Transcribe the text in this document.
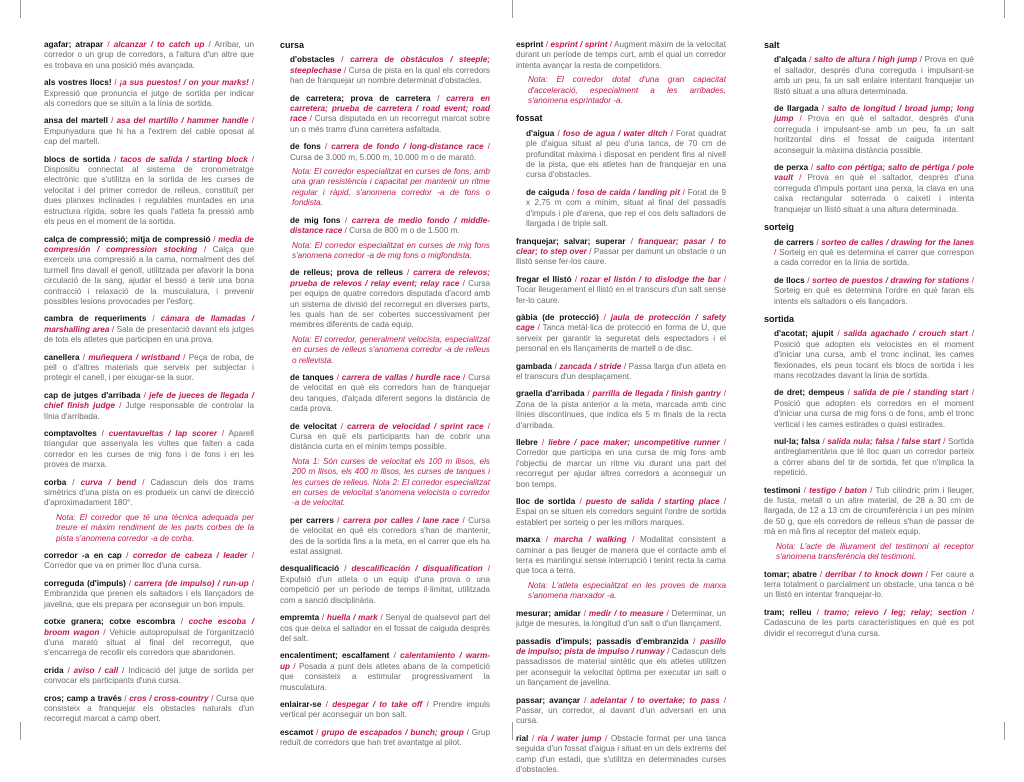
agafar; atrapar / alcanzar / to catch up / Arribar, un corredor o un grup de corredors, a l'altura d'un altre que es trobava en una posició més avançada.
als vostres llocs! / ¡a sus puestos! / on your marks! / Expressió que pronuncia el jutge de sortida per indicar als corredors que se situïn a la línia de sortida.
ansa del martell / asa del martillo / hammer handle / Empunyadura que hi ha a l'extrem del cable oposat al cap del martell.
blocs de sortida / tacos de salida / starting block / Dispositiu connectat al sistema de cronometratge electrònic que s'utilitza en la sortida de les curses de velocitat i del primer corredor de relleus, constituït per dues planxes inclinades i regulables muntades en una estructura rígida, sobre les quals l'atleta fa pressió amb els peus en el moment de la sortida.
calça de compressió; mitja de compressió / media de compresión / compression stocking / Calça que exerceix una compressió a la cama, normalment des del turmell fins davall el genoll, utilitzada per afavorir la bona circulació de la sang, ajudar el bessó a tenir una bona contracció i relaxació de la musculatura, i prevenir possibles lesions provocades per l'esforç.
cambra de requeriments / cámara de llamadas / marshalling area / Sala de presentació davant els jutges de tots els atletes que participen en una prova.
canellera / muñequera / wristband / Peça de roba, de pell o d'altres materials que serveix per subjectar i protegir el canell, i per eixugar-se la suor.
cap de jutges d'arribada / jefe de jueces de llegada / chief finish judge / Jutge responsable de controlar la línia d'arribada.
comptavoltes / cuentavueltas / lap scorer / Aparell triangular que assenyala les voltes que falten a cada corredor en les curses de mig fons i de fons i en les proves de marxa.
corba / curva / bend / Cadascun dels dos trams simètrics d'una pista on es produeix un canvi de direcció d'aproximadament 180°.
Nota: El corredor que té una tècnica adequada per treure el màxim rendiment de les parts corbes de la pista s'anomena corredor -a de corba.
corredor -a en cap / corredor de cabeza / leader / Corredor que va en primer lloc d'una cursa.
correguda (d'impuls) / carrera (de impulso) / run-up / Embranzida que prenen els saltadors i els llançadors de javelina, que els prepara per aconseguir un bon impuls.
cotxe granera; cotxe escombra / coche escoba / broom wagon / Vehicle autopropulsat de l'organització d'una marató situat al final del recorregut, que s'encarrega de recollir els corredors que abandonen.
crida / aviso / call / Indicació del jutge de sortida per convocar els participants d'una cursa.
cros; camp a través / cros / cross-country / Cursa que consisteix a franquejar els obstacles naturals d'un recorregut marcat a camp obert.
cursa
d'obstacles / carrera de obstáculos / steeple; steeplechase / Cursa de pista en la qual els corredors han de franquejar un nombre determinat d'obstacles.
de carretera; prova de carretera / carrera en carretera; prueba de carretera / road event; road race / Cursa disputada en un recorregut marcat sobre un o més trams d'una carretera asfaltada.
de fons / carrera de fondo / long-distance race / Cursa de 3.000 m, 5.000 m, 10.000 m o de marató.
Nota: El corredor especialitzat en curses de fons, amb una gran resistència i capacitat per mantenir un ritme regular i ràpid, s'anomena corredor -a de fons o fondista.
de mig fons / carrera de medio fondo / middle-distance race / Cursa de 800 m o de 1.500 m.
Nota: El corredor especialitzat en curses de mig fons s'anomena corredor -a de mig fons o migfondista.
de relleus; prova de relleus / carrera de relevos; prueba de relevos / relay event; relay race / Cursa per equips de quatre corredors disputada d'acord amb un sistema de divisió del recorregut en diverses parts, les quals han de ser cobertes successivament per membres diferents de cada equip.
Nota: El corredor, generalment velocista, especialitzat en curses de relleus s'anomena corredor -a de relleus o rellevista.
de tanques / carrera de vallas / hurdle race / Cursa de velocitat en què els corredors han de franquejar deu tanques, d'alçada diferent segons la distància de cada prova.
de velocitat / carrera de velocidad / sprint race / Cursa en què els participants han de cobrir una distància curta en el mínim temps possible.
Nota 1: Són curses de velocitat els 100 m llisos, els 200 m llisos, els 400 m llisos, les curses de tanques i les curses de relleus. Nota 2: El corredor especialitzat en curses de velocitat s'anomena velocista o corredor -a de velocitat.
per carrers / carrera por calles / lane race / Cursa de velocitat en què els corredors s'han de mantenir, des de la sortida fins a la meta, en el carrer que els ha estat assignat.
desqualificació / descalificación / disqualification / Expulsió d'un atleta o un equip d'una prova o una competició per un període de temps il·limitat, utilitzada com a sanció disciplinària.
empremta / huella / mark / Senyal de qualsevol part del cos que deixa el saltador en el fossat de caiguda després del salt.
encalentiment; escalfament / calentamiento / warm-up / Posada a punt dels atletes abans de la competició que consisteix a estimular progressivament la musculatura.
enlairar-se / despegar / to take off / Prendre impuls vertical per aconseguir un bon salt.
escamot / grupo de escapados / bunch; group / Grup reduït de corredors que han tret avantatge al pilot.
esprint / esprint / sprint / Augment màxim de la velocitat durant un període de temps curt, amb el qual un corredor intenta avançar la resta de competidors.
Nota: El corredor dotat d'una gran capacitat d'acceleració, especialment a les arribades, s'anomena esprintador -a.
fossat
d'aigua / foso de agua / water ditch / Forat quadrat ple d'aigua situat al peu d'una tanca, de 70 cm de profunditat màxima i disposat en pendent fins al nivell de la pista, que els atletes han de franquejar en una cursa d'obstacles.
de caiguda / foso de caída / landing pit / Forat de 9 x 2,75 m com a mínim, situat al final del passadís d'impuls i ple d'arena, que rep el cos dels saltadors de llargada i de triple salt.
franquejar; salvar; superar / franquear; pasar / to clear; to step over / Passar per damunt un obstacle o un llistó sense fer-los caure.
fregar el llistó / rozar el listón / to dislodge the bar / Tocar lleugerament el llistó en el transcurs d'un salt sense fer-lo caure.
gàbia (de protecció) / jaula de protección / safety cage / Tanca metàl·lica de protecció en forma de U, que serveix per garantir la seguretat dels espectadors i el personal en els llançaments de martell o de disc.
gambada / zancada / stride / Passa llarga d'un atleta en el transcurs d'un desplaçament.
graella d'arribada / parrilla de llegada / finish gantry / Zona de la pista anterior a la meta, marcada amb cinc línies discontínues, que indica els 5 m finals de la recta d'arribada.
llebre / liebre / pace maker; uncompetitive runner / Corredor que participa en una cursa de mig fons amb l'objectiu de marcar un ritme viu durant una part del recorregut per ajudar altres corredors a aconseguir un bon temps.
lloc de sortida / puesto de salida / starting place / Espai on se situen els corredors seguint l'ordre de sortida establert per sorteig o per les millors marques.
marxa / marcha / walking / Modalitat consistent a caminar a pas lleuger de manera que el contacte amb el terra es mantingui sense interrupció i tenint recta la cama que toca a terra.
Nota: L'atleta especialitzat en les proves de marxa s'anomena marxador -a.
mesurar; amidar / medir / to measure / Determinar, un jutge de mesures, la longitud d'un salt o d'un llançament.
passadís d'impuls; passadís d'embranzida / pasillo de impulso; pista de impulso / runway / Cadascun dels passadissos de material sintètic que els atletes utilitzen per aconseguir la velocitat òptima per executar un salt o un llançament de javelina.
passar; avançar / adelantar / to overtake; to pass / Passar, un corredor, al davant d'un adversari en una cursa.
rial / ría / water jump / Obstacle format per una tanca seguida d'un fossat d'aigua i situat en un dels extrems del camp d'un estadi, que s'utilitza en determinades curses d'obstacles.
salt
d'alçada / salto de altura / high jump / Prova en què el saltador, després d'una correguda i impulsant-se amb un peu, fa un salt enlaire intentant franquejar un llistó situat a una altura determinada.
de llargada / salto de longitud / broad jump; long jump / Prova en què el saltador, després d'una correguda i impulsant-se amb un peu, fa un salt horitzontal dins el fossat de caiguda intentant aconseguir la màxima distància possible.
de perxa / salto con pértiga; salto de pértiga / pole vault / Prova en què el saltador, després d'una correguda d'impuls portant una perxa, la clava en una caixa rectangular soterrada o caixetí i intenta franquejar un llistó situat a una altura determinada.
sorteig
de carrers / sorteo de calles / drawing for the lanes / Sorteig en què es determina el carrer que correspon a cada corredor en la línia de sortida.
de llocs / sorteo de puestos / drawing for stations / Sorteig en què es determina l'ordre en què faran els intents els saltadors o els llançadors.
sortida
d'acotat; ajupit / salida agachado / crouch start / Posició que adopten els velocistes en el moment d'iniciar una cursa, amb el tronc inclinat, les cames flexionades, els peus tocant els blocs de sortida i les mans recolzades davant la línia de sortida.
de dret; dempeus / salida de pie / standing start / Posició que adopten els corredors en el moment d'iniciar una cursa de mig fons o de fons, amb el tronc vertical i les cames estirades o quasi estirades.
nul·la; falsa / salida nula; falsa / false start / Sortida antireglamentària que té lloc quan un corredor parteix a córrer abans del tir de sortida, fet que n'implica la repetició.
testimoni / testigo / baton / Tub cilíndric prim i lleuger, de fusta, metall o un altre material, de 28 a 30 cm de llargada, de 12 a 13 cm de circumferència i un pes mínim de 50 g, que els corredors de relleus s'han de passar de mà en mà fins al receptor del mateix equip.
Nota: L'acte de lliurament del testimoni al receptor s'anomena transferència del testimoni.
tomar; abatre / derribar / to knock down / Fer caure a terra totalment o parcialment un obstacle, una tanca o bé un llistó en intentar franquejar-lo.
tram; relleu / tramo; relevo / leg; relay; section / Cadascuna de les parts característiques en què es pot dividir el recorregut d'una cursa.
